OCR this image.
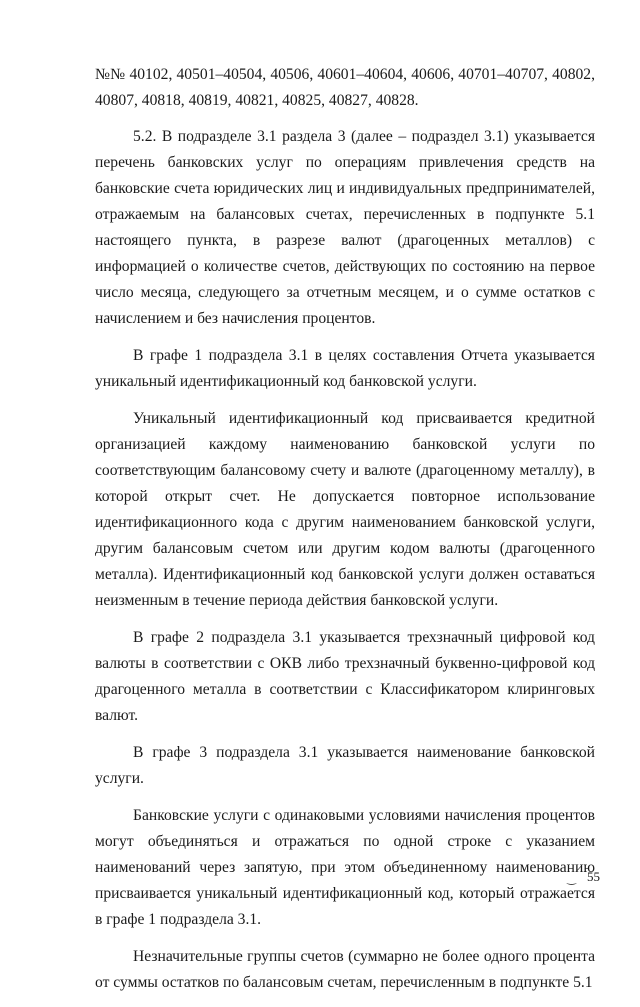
№№ 40102, 40501–40504, 40506, 40601–40604, 40606, 40701–40707, 40802, 40807, 40818, 40819, 40821, 40825, 40827, 40828.

5.2. В подразделе 3.1 раздела 3 (далее – подраздел 3.1) указывается перечень банковских услуг по операциям привлечения средств на банковские счета юридических лиц и индивидуальных предпринимателей, отражаемым на балансовых счетах, перечисленных в подпункте 5.1 настоящего пункта, в разрезе валют (драгоценных металлов) с информацией о количестве счетов, действующих по состоянию на первое число месяца, следующего за отчетным месяцем, и о сумме остатков с начислением и без начисления процентов.

В графе 1 подраздела 3.1 в целях составления Отчета указывается уникальный идентификационный код банковской услуги.

Уникальный идентификационный код присваивается кредитной организацией каждому наименованию банковской услуги по соответствующим балансовому счету и валюте (драгоценному металлу), в которой открыт счет. Не допускается повторное использование идентификационного кода с другим наименованием банковской услуги, другим балансовым счетом или другим кодом валюты (драгоценного металла). Идентификационный код банковской услуги должен оставаться неизменным в течение периода действия банковской услуги.

В графе 2 подраздела 3.1 указывается трехзначный цифровой код валюты в соответствии с ОКВ либо трехзначный буквенно-цифровой код драгоценного металла в соответствии с Классификатором клиринговых валют.

В графе 3 подраздела 3.1 указывается наименование банковской услуги.

Банковские услуги с одинаковыми условиями начисления процентов могут объединяться и отражаться по одной строке с указанием наименований через запятую, при этом объединенному наименованию присваивается уникальный идентификационный код, который отражается в графе 1 подраздела 3.1.

Незначительные группы счетов (суммарно не более одного процента от суммы остатков по балансовым счетам, перечисленным в подпункте 5.1

‿ 55
